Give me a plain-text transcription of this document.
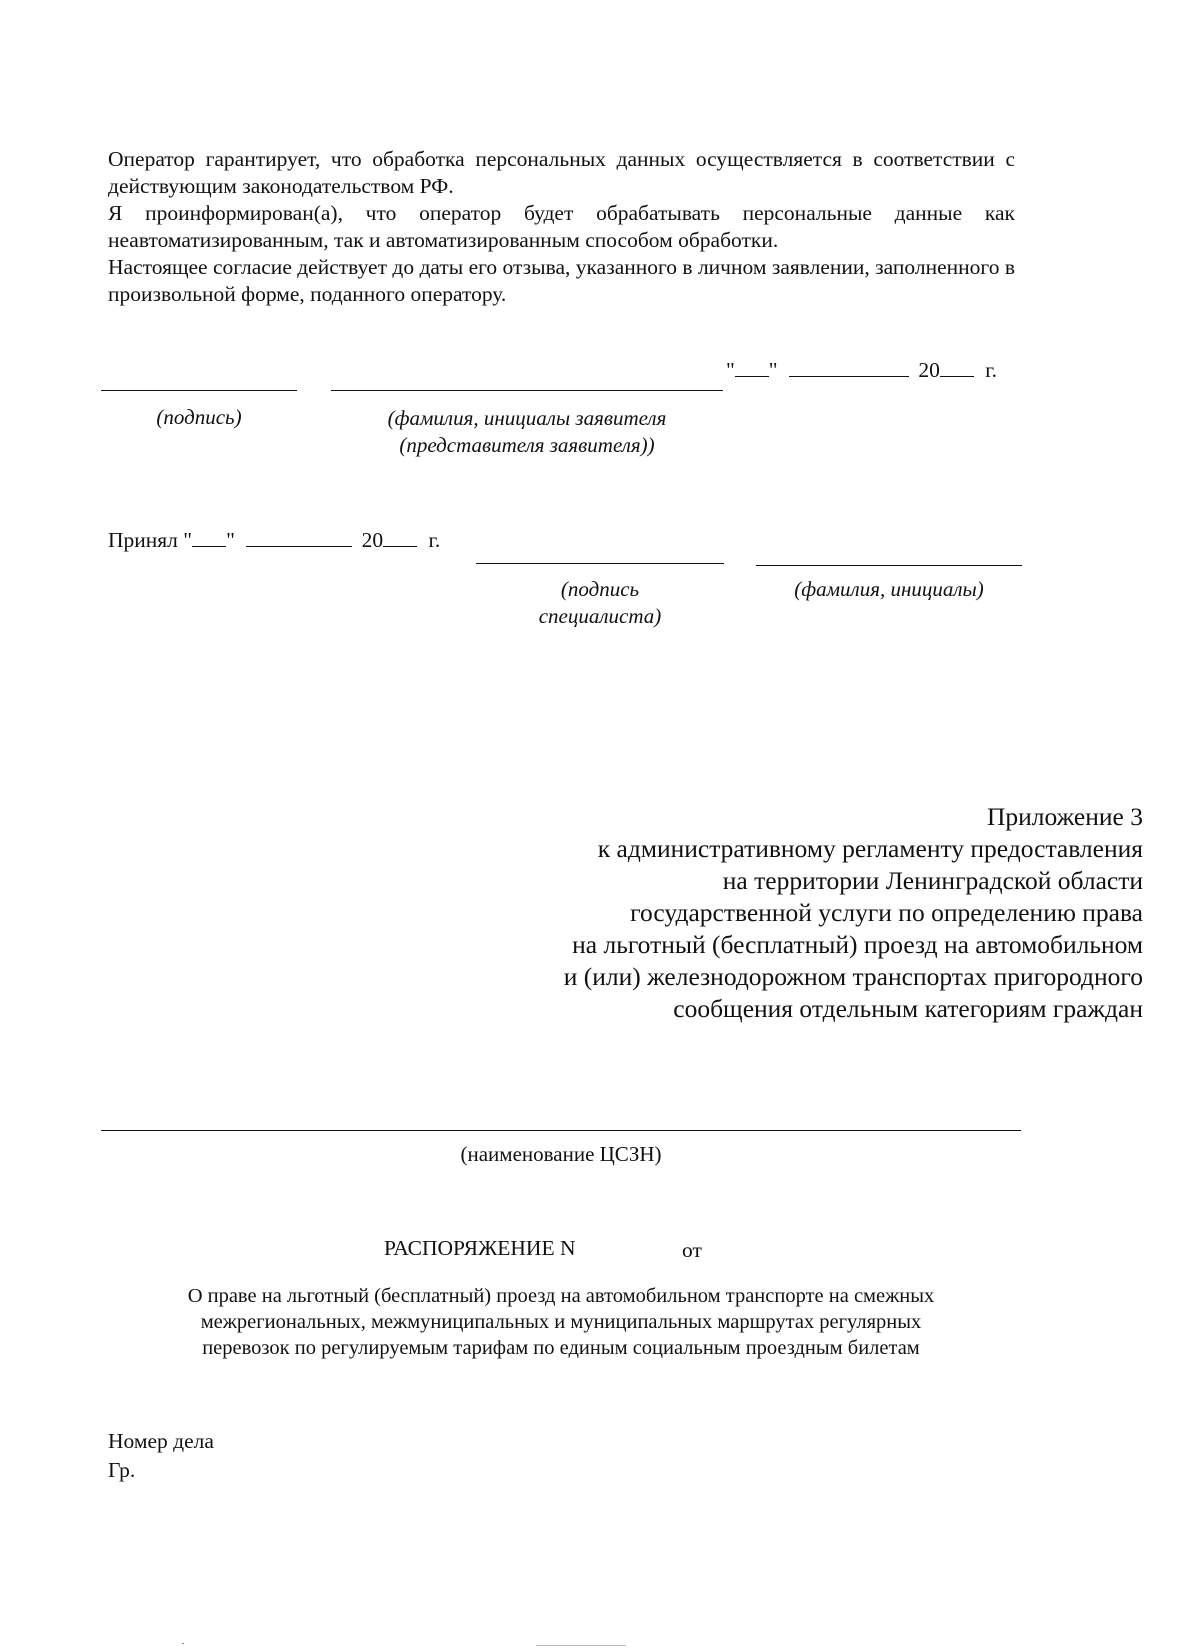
Оператор гарантирует, что обработка персональных данных осуществляется в соответствии с действующим законодательством РФ.
Я проинформирован(а), что оператор будет обрабатывать персональные данные как неавтоматизированным, так и автоматизированным способом обработки.
Настоящее согласие действует до даты его отзыва, указанного в личном заявлении, заполненного в произвольной форме, поданного оператору.
" "	20 г.
(подпись)	(фамилия, инициалы заявителя
(представителя заявителя))
Принял " "	20 г.
(подпись
специалиста)
(фамилия, инициалы)
Приложение 3
к административному регламенту предоставления
на территории Ленинградской области
государственной услуги по определению права
на льготный (бесплатный) проезд на автомобильном
и (или) железнодорожном транспортах пригородного
сообщения отдельным категориям граждан
(наименование ЦСЗН)
РАСПОРЯЖЕНИЕ N	от
О праве на льготный (бесплатный) проезд на автомобильном транспорте на смежных
межрегиональных, межмуниципальных и муниципальных маршрутах регулярных
перевозок по регулируемым тарифам по единым социальным проездным билетам
Номер дела
Гр.
